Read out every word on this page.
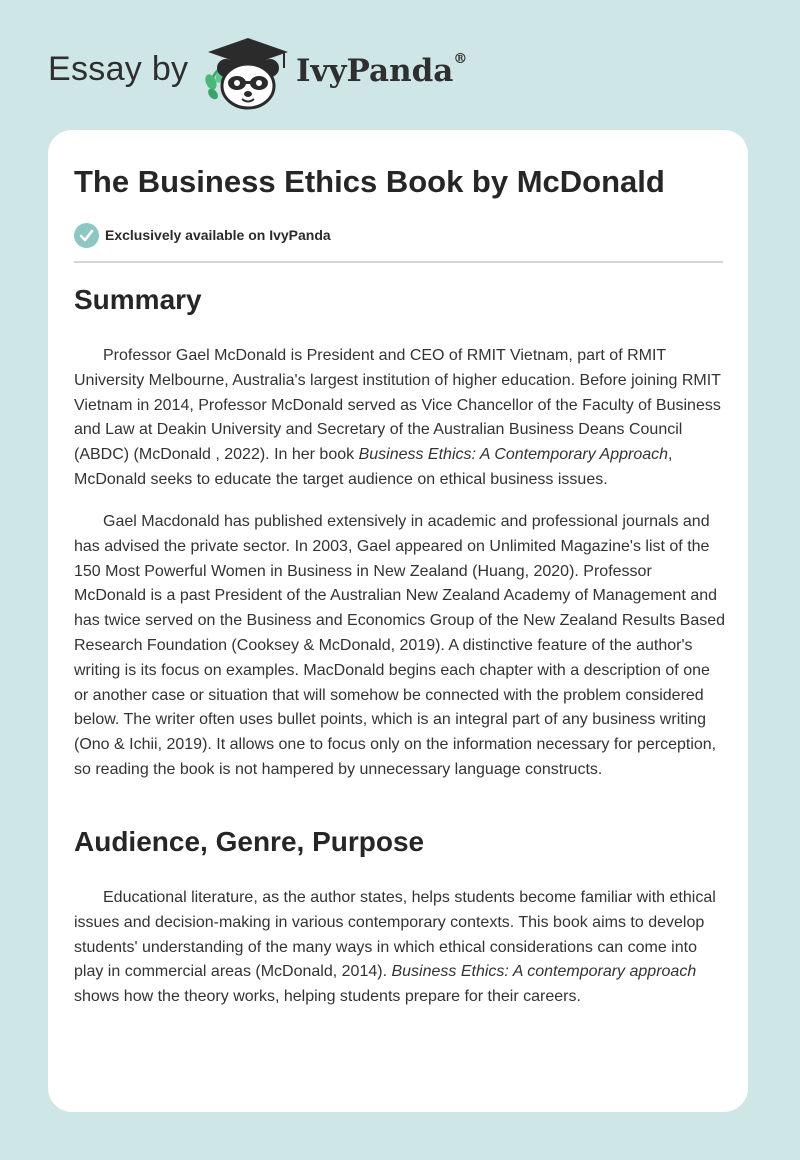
Essay by	IvyPanda®
The Business Ethics Book by McDonald
Exclusively available on IvyPanda
Summary

Professor Gael McDonald is President and CEO of RMIT Vietnam, part of RMIT University Melbourne, Australia's largest institution of higher education. Before joining RMIT Vietnam in 2014, Professor McDonald served as Vice Chancellor of the Faculty of Business and Law at Deakin University and Secretary of the Australian Business Deans Council (ABDC) (McDonald , 2022). In her book Business Ethics: A Contemporary Approach, McDonald seeks to educate the target audience on ethical business issues.

Gael Macdonald has published extensively in academic and professional journals and has advised the private sector. In 2003, Gael appeared on Unlimited Magazine's list of the 150 Most Powerful Women in Business in New Zealand (Huang, 2020). Professor McDonald is a past President of the Australian New Zealand Academy of Management and has twice served on the Business and Economics Group of the New Zealand Results Based Research Foundation (Cooksey & McDonald, 2019). A distinctive feature of the author's writing is its focus on examples. MacDonald begins each chapter with a description of one or another case or situation that will somehow be connected with the problem considered below. The writer often uses bullet points, which is an integral part of any business writing (Ono & Ichii, 2019). It allows one to focus only on the information necessary for perception, so reading the book is not hampered by unnecessary language constructs.

Audience, Genre, Purpose

Educational literature, as the author states, helps students become familiar with ethical issues and decision-making in various contemporary contexts. This book aims to develop students' understanding of the many ways in which ethical considerations can come into play in commercial areas (McDonald, 2014). Business Ethics: A contemporary approach shows how the theory works, helping students prepare for their careers.
